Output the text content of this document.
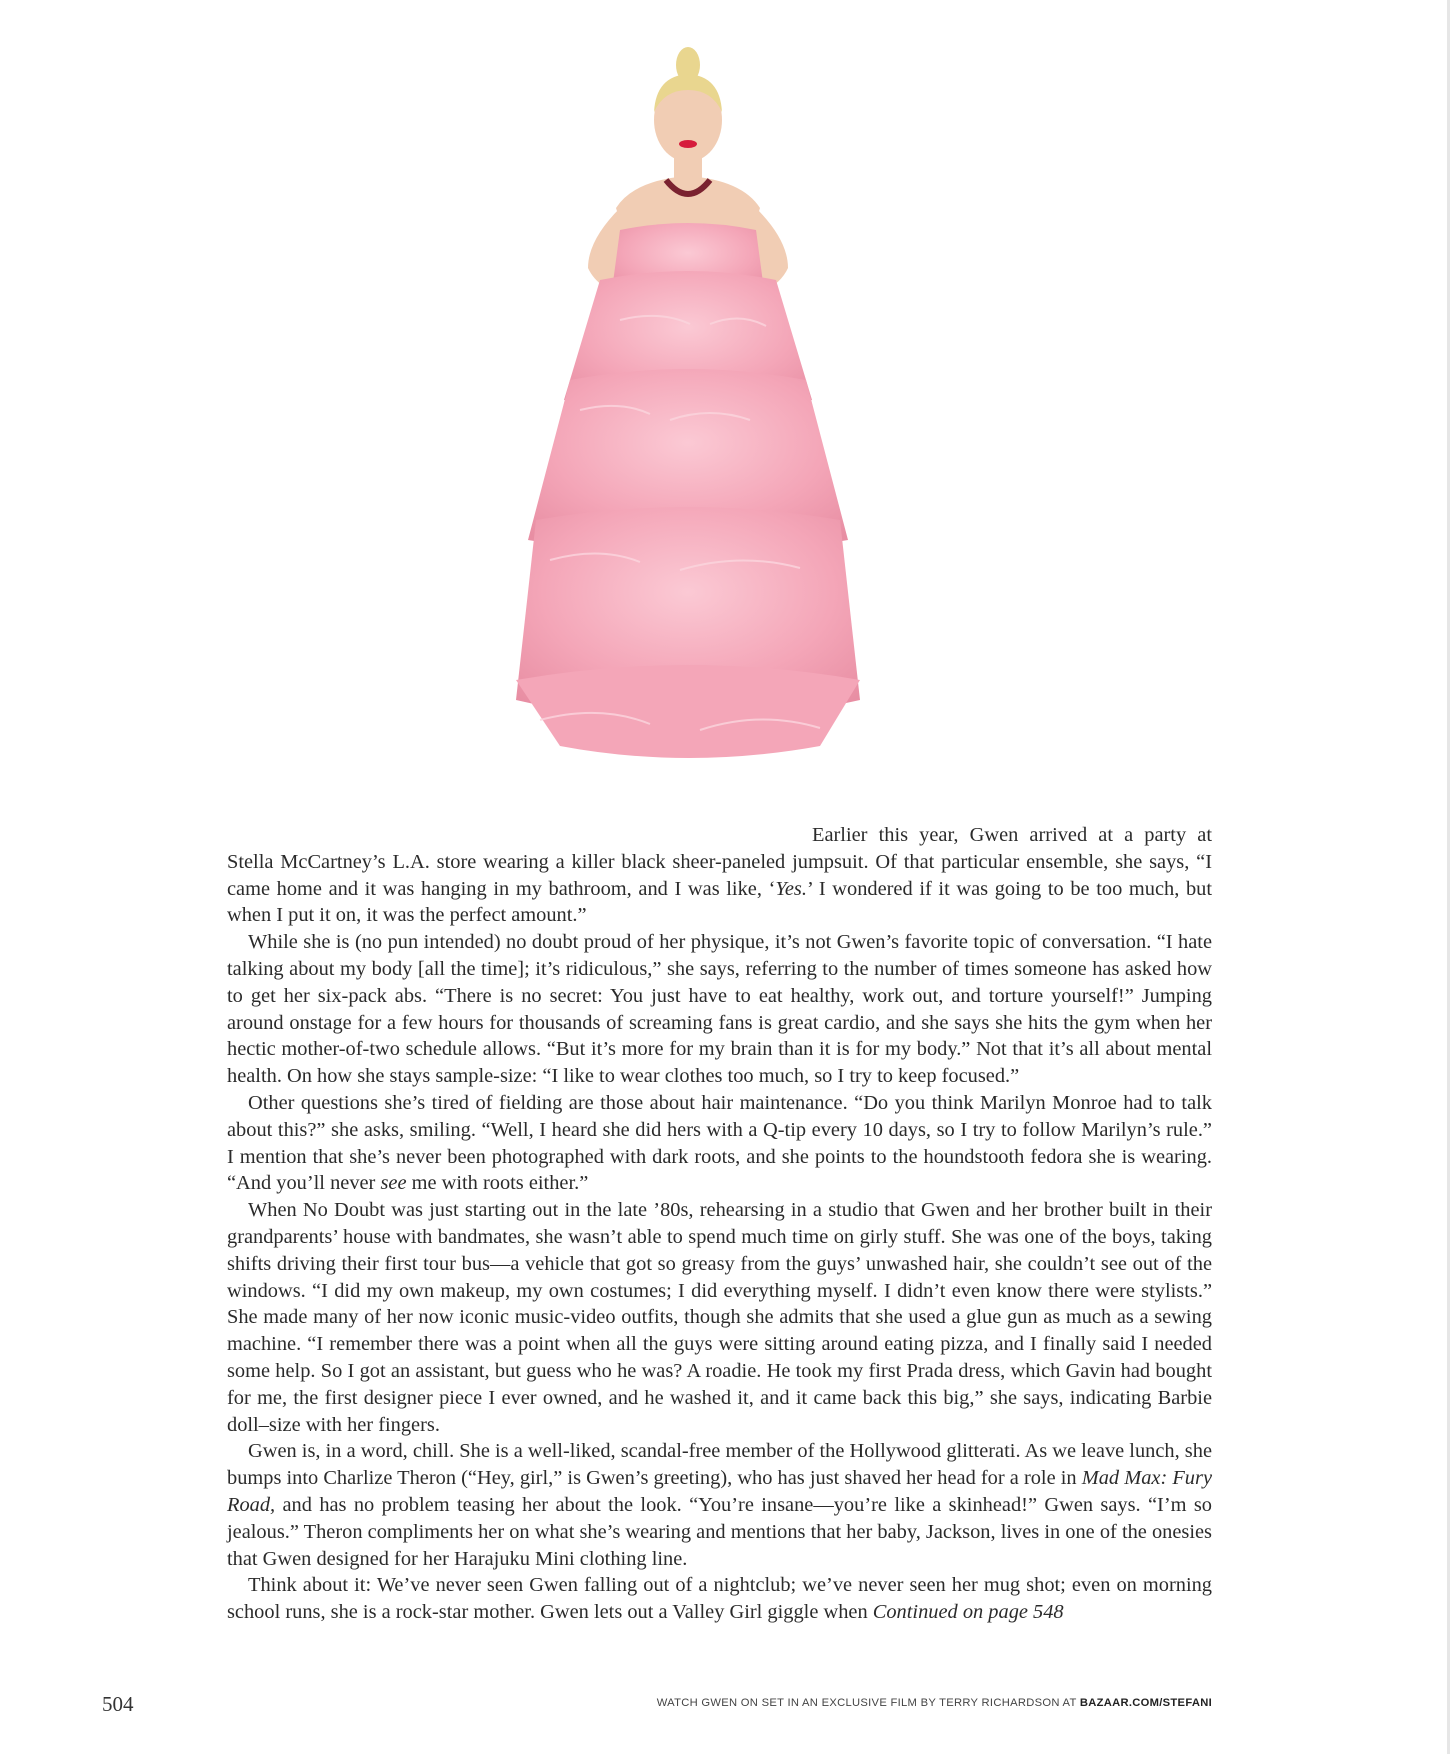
Earlier this year, Gwen arrived at a party at Stella McCartney’s L.A. store wearing a killer black sheer-paneled jumpsuit. Of that particular ensemble, she says, “I came home and it was hanging in my bathroom, and I was like, ‘Yes.’ I wondered if it was going to be too much, but when I put it on, it was the perfect amount.”

While she is (no pun intended) no doubt proud of her physique, it’s not Gwen’s favorite topic of conversation. “I hate talking about my body [all the time]; it’s ridiculous,” she says, referring to the number of times someone has asked how to get her six-pack abs. “There is no secret: You just have to eat healthy, work out, and torture yourself!” Jumping around onstage for a few hours for thousands of screaming fans is great cardio, and she says she hits the gym when her hectic mother-of-two schedule allows. “But it’s more for my brain than it is for my body.” Not that it’s all about mental health. On how she stays sample-size: “I like to wear clothes too much, so I try to keep focused.”

Other questions she’s tired of fielding are those about hair maintenance. “Do you think Marilyn Monroe had to talk about this?” she asks, smiling. “Well, I heard she did hers with a Q-tip every 10 days, so I try to follow Marilyn’s rule.” I mention that she’s never been photographed with dark roots, and she points to the houndstooth fedora she is wearing. “And you’ll never see me with roots either.”

When No Doubt was just starting out in the late ’80s, rehearsing in a studio that Gwen and her brother built in their grandparents’ house with bandmates, she wasn’t able to spend much time on girly stuff. She was one of the boys, taking shifts driving their first tour bus—a vehicle that got so greasy from the guys’ unwashed hair, she couldn’t see out of the windows. “I did my own makeup, my own costumes; I did everything myself. I didn’t even know there were stylists.” She made many of her now iconic music-video outfits, though she admits that she used a glue gun as much as a sewing machine. “I remember there was a point when all the guys were sitting around eating pizza, and I finally said I needed some help. So I got an assistant, but guess who he was? A roadie. He took my first Prada dress, which Gavin had bought for me, the first designer piece I ever owned, and he washed it, and it came back this big,” she says, indicating Barbie doll–size with her fingers.

Gwen is, in a word, chill. She is a well-liked, scandal-free member of the Hollywood glitterati. As we leave lunch, she bumps into Charlize Theron (“Hey, girl,” is Gwen’s greeting), who has just shaved her head for a role in Mad Max: Fury Road, and has no problem teasing her about the look. “You’re insane—you’re like a skinhead!” Gwen says. “I’m so jealous.” Theron compliments her on what she’s wearing and mentions that her baby, Jackson, lives in one of the onesies that Gwen designed for her Harajuku Mini clothing line.

Think about it: We’ve never seen Gwen falling out of a nightclub; we’ve never seen her mug shot; even on morning school runs, she is a rock-star mother. Gwen lets out a Valley Girl giggle when Continued on page 548

504	WATCH GWEN ON SET IN AN EXCLUSIVE FILM BY TERRY RICHARDSON AT BAZAAR.COM/STEFANI
